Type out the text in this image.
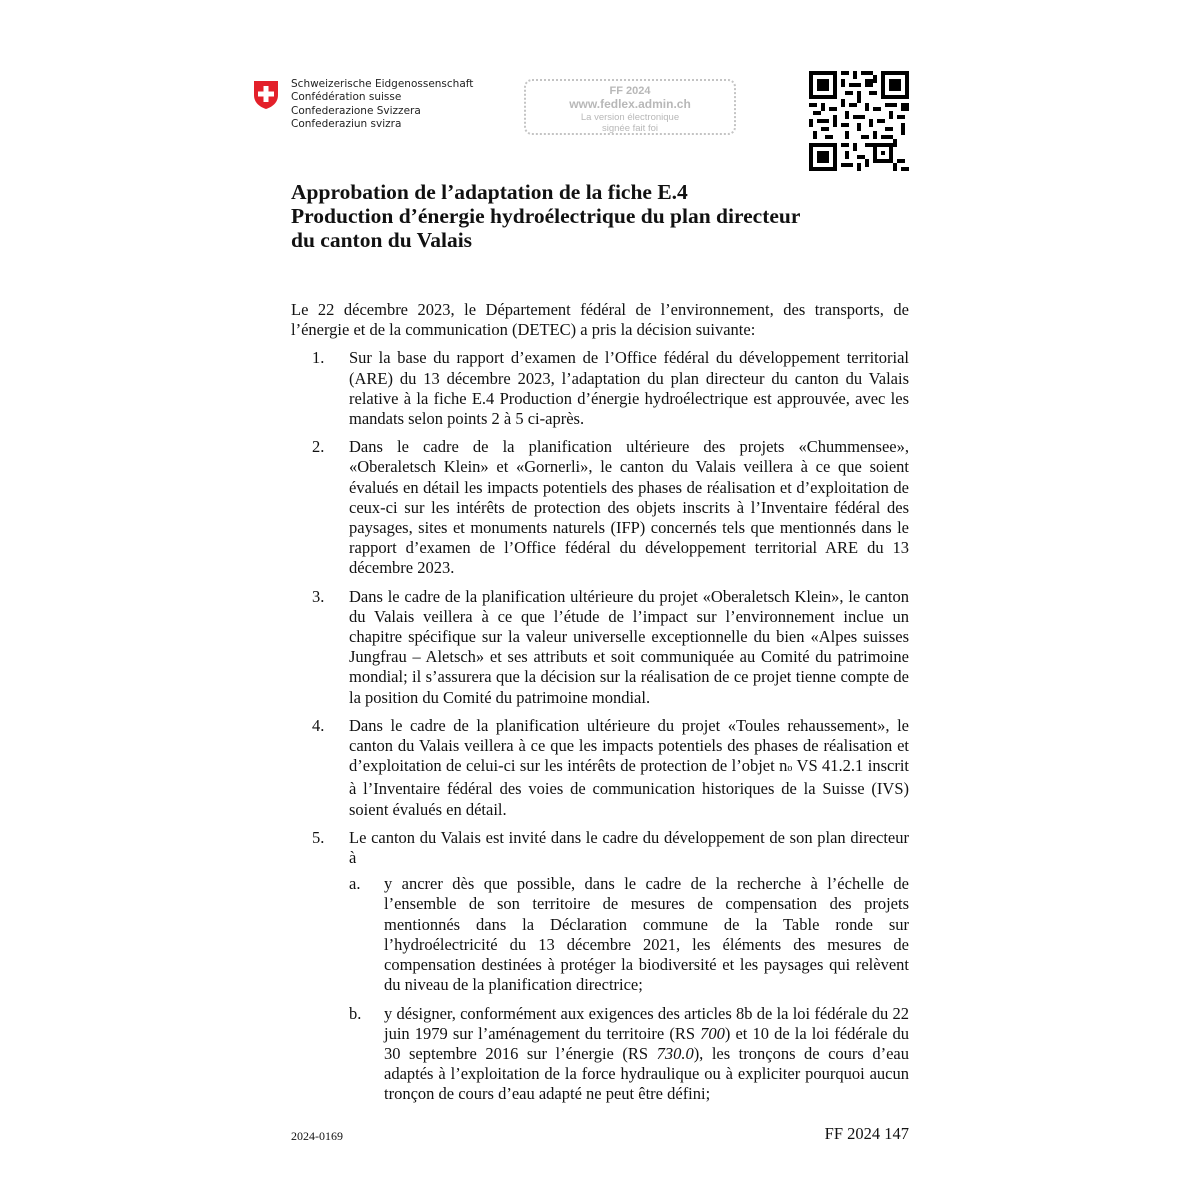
Schweizerische Eidgenossenschaft
Confédération suisse
Confederazione Svizzera
Confederaziun svizra
FF 2024
www.fedlex.admin.ch
La version électronique
signée fait foi
Approbation de l’adaptation de la fiche E.4
Production d’énergie hydroélectrique du plan directeur
du canton du Valais

Le 22 décembre 2023, le Département fédéral de l’environnement, des transports, de l’énergie et de la communication (DETEC) a pris la décision suivante:

1. Sur la base du rapport d’examen de l’Office fédéral du développement territorial (ARE) du 13 décembre 2023, l’adaptation du plan directeur du canton du Valais relative à la fiche E.4 Production d’énergie hydroélectrique est approuvée, avec les mandats selon points 2 à 5 ci-après.
2. Dans le cadre de la planification ultérieure des projets «Chummensee», «Oberaletsch Klein» et «Gornerli», le canton du Valais veillera à ce que soient évalués en détail les impacts potentiels des phases de réalisation et d’exploitation de ceux-ci sur les intérêts de protection des objets inscrits à l’Inventaire fédéral des paysages, sites et monuments naturels (IFP) concernés tels que mentionnés dans le rapport d’examen de l’Office fédéral du développement territorial ARE du 13 décembre 2023.
3. Dans le cadre de la planification ultérieure du projet «Oberaletsch Klein», le canton du Valais veillera à ce que l’étude de l’impact sur l’environnement inclue un chapitre spécifique sur la valeur universelle exceptionnelle du bien «Alpes suisses Jungfrau – Aletsch» et ses attributs et soit communiquée au Comité du patrimoine mondial; il s’assurera que la décision sur la réalisation de ce projet tienne compte de la position du Comité du patrimoine mondial.
4. Dans le cadre de la planification ultérieure du projet «Toules rehaussement», le canton du Valais veillera à ce que les impacts potentiels des phases de réalisation et d’exploitation de celui-ci sur les intérêts de protection de l’objet no VS 41.2.1 inscrit à l’Inventaire fédéral des voies de communication historiques de la Suisse (IVS) soient évalués en détail.
5. Le canton du Valais est invité dans le cadre du développement de son plan directeur à
a. y ancrer dès que possible, dans le cadre de la recherche à l’échelle de l’ensemble de son territoire de mesures de compensation des projets mentionnés dans la Déclaration commune de la Table ronde sur l’hydroélectricité du 13 décembre 2021, les éléments des mesures de compensation destinées à protéger la biodiversité et les paysages qui relèvent du niveau de la planification directrice;
b. y désigner, conformément aux exigences des articles 8b de la loi fédérale du 22 juin 1979 sur l’aménagement du territoire (RS 700) et 10 de la loi fédérale du 30 septembre 2016 sur l’énergie (RS 730.0), les tronçons de cours d’eau adaptés à l’exploitation de la force hydraulique ou à expliciter pourquoi aucun tronçon de cours d’eau adapté ne peut être défini;
2024-0169	FF 2024 147
